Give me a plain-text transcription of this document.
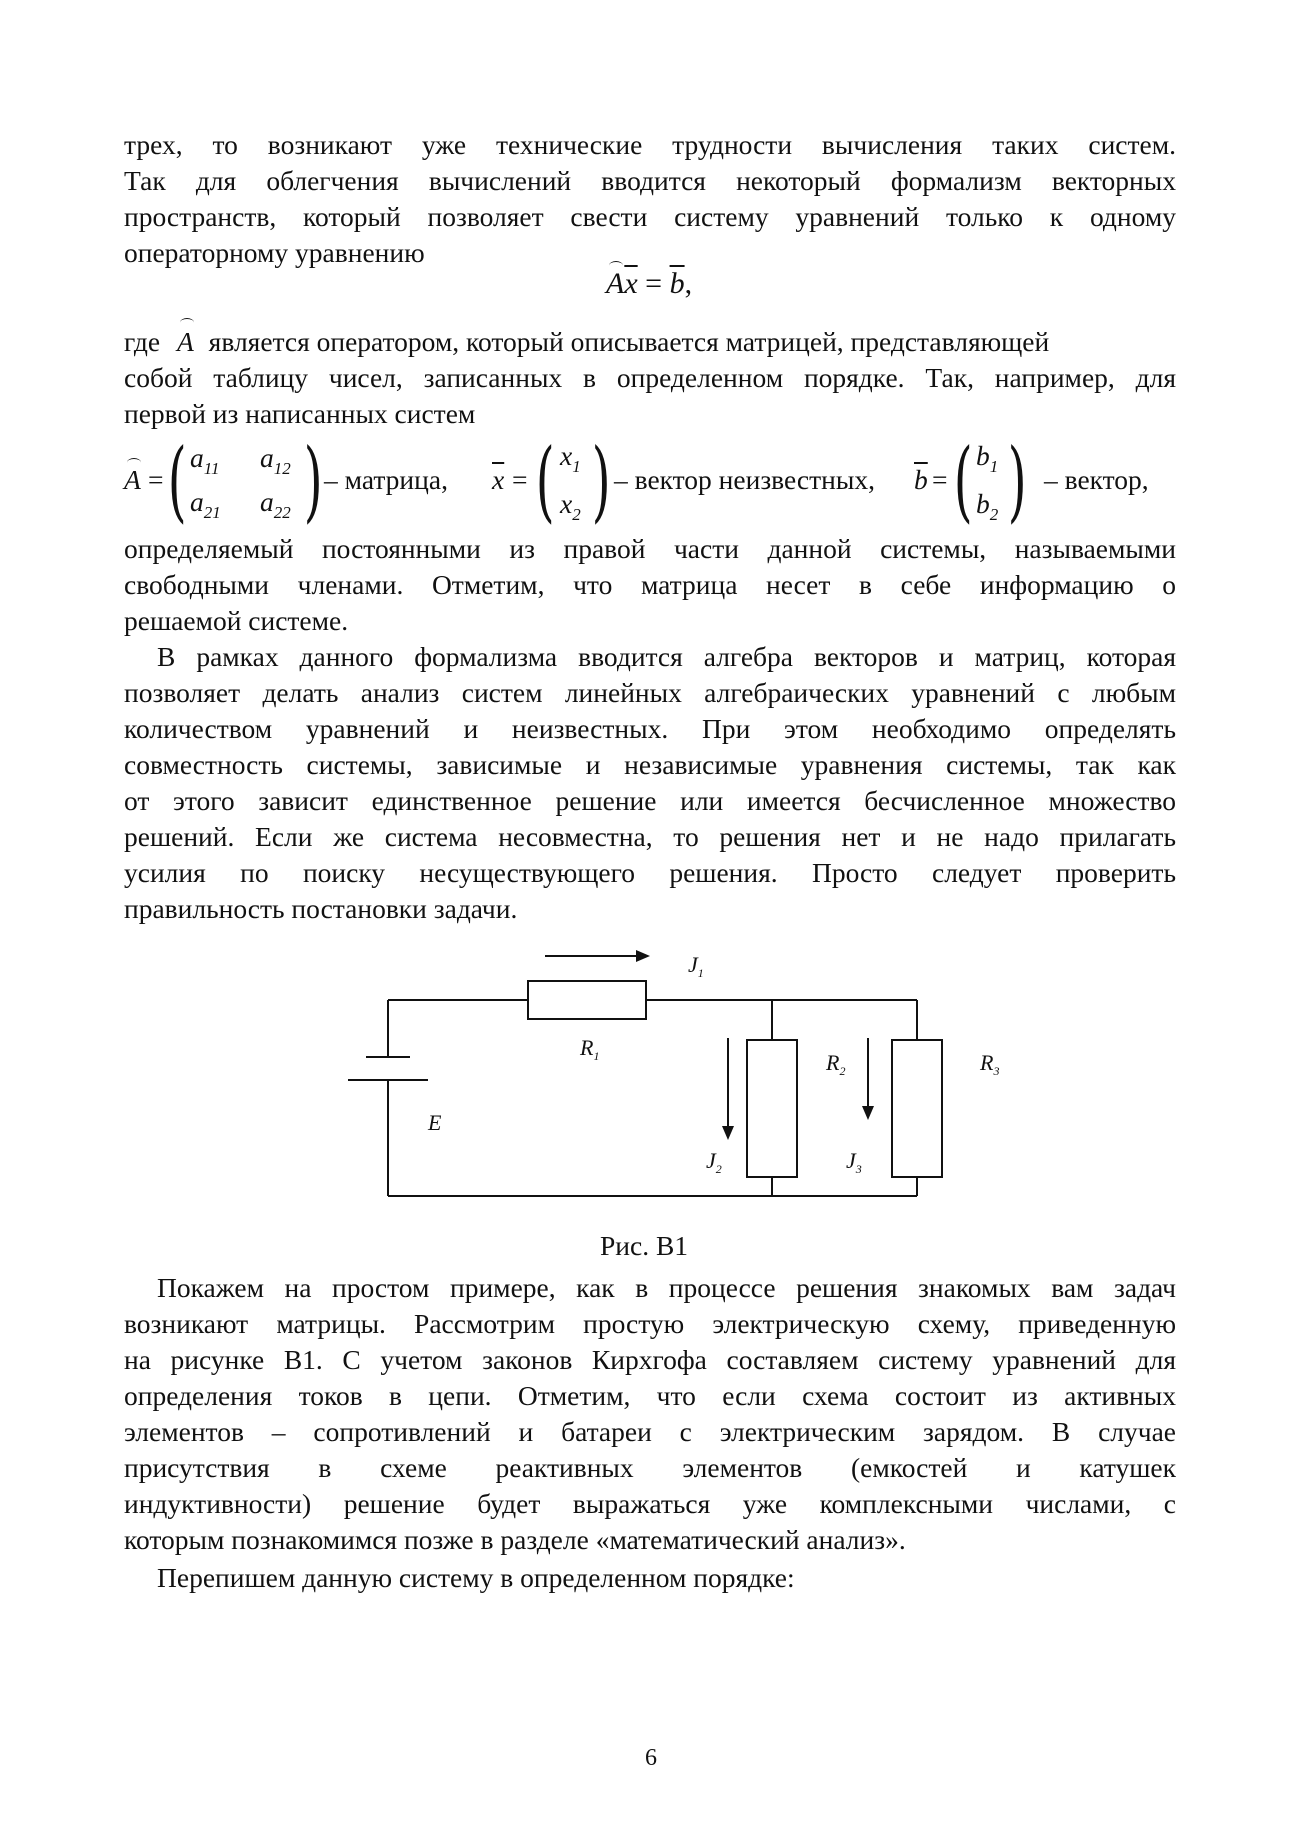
трех, то возникают уже технические трудности вычисления таких систем.
Так для облегчения вычислений вводится некоторый формализм векторных
пространств, который позволяет свести систему уравнений только к одному
операторному уравнению
$A\overline{x} = \overline{b}$,
где A является оператором, который описывается матрицей, представляющей
собой таблицу чисел, записанных в определенном порядке. Так, например, для
первой из написанных систем
A = ( $a_{11}$ $a_{12}$
$a_{21}$ $a_{22}$ ) – матрица, $\overline{x}$ = ( $x_1$
$x_2$ ) – вектор неизвестных, $\overline{b}$ = ( $b_1$
$b_2$ ) – вектор,
определяемый постоянными из правой части данной системы, называемыми
свободными членами. Отметим, что матрица несет в себе информацию о
решаемой системе.
В рамках данного формализма вводится алгебра векторов и матриц, которая
позволяет делать анализ систем линейных алгебраических уравнений с любым
количеством уравнений и неизвестных. При этом необходимо определять
совместность системы, зависимые и независимые уравнения системы, так как
от этого зависит единственное решение или имеется бесчисленное множество
решений. Если же система несовместна, то решения нет и не надо прилагать
усилия по поиску несуществующего решения. Просто следует проверить
правильность постановки задачи.
$J_1$
$R_1$	$R_2$	$R_3$
E
$J_2$	$J_3$
Рис. В1
Покажем на простом примере, как в процессе решения знакомых вам задач
возникают матрицы. Рассмотрим простую электрическую схему, приведенную
на рисунке В1. С учетом законов Кирхгофа составляем систему уравнений для
определения токов в цепи. Отметим, что если схема состоит из активных
элементов – сопротивлений и батареи с электрическим зарядом. В случае
присутствия в схеме реактивных элементов (емкостей и катушек
индуктивности) решение будет выражаться уже комплексными числами, с
которым познакомимся позже в разделе «математический анализ».
Перепишем данную систему в определенном порядке:
6
